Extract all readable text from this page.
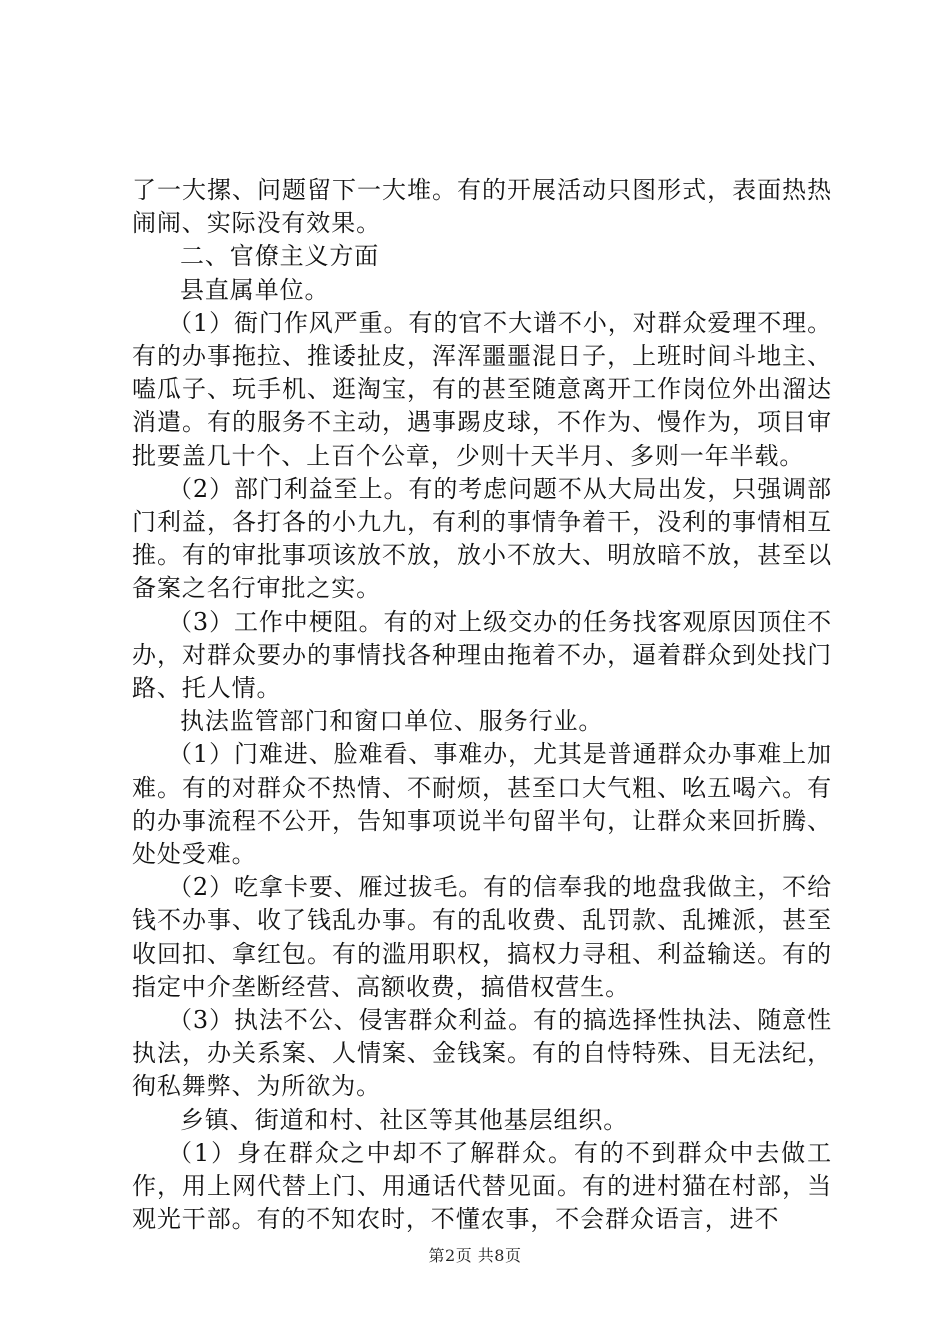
了一大摞、问题留下一大堆。有的开展活动只图形式，表面热热闹闹、实际没有效果。

二、官僚主义方面

县直属单位。

（1）衙门作风严重。有的官不大谱不小，对群众爱理不理。有的办事拖拉、推诿扯皮，浑浑噩噩混日子，上班时间斗地主、嗑瓜子、玩手机、逛淘宝，有的甚至随意离开工作岗位外出溜达消遣。有的服务不主动，遇事踢皮球，不作为、慢作为，项目审批要盖几十个、上百个公章，少则十天半月、多则一年半载。

（2）部门利益至上。有的考虑问题不从大局出发，只强调部门利益，各打各的小九九，有利的事情争着干，没利的事情相互推。有的审批事项该放不放，放小不放大、明放暗不放，甚至以备案之名行审批之实。

（3）工作中梗阻。有的对上级交办的任务找客观原因顶住不办，对群众要办的事情找各种理由拖着不办，逼着群众到处找门路、托人情。

执法监管部门和窗口单位、服务行业。

（1）门难进、脸难看、事难办，尤其是普通群众办事难上加难。有的对群众不热情、不耐烦，甚至口大气粗、吆五喝六。有的办事流程不公开，告知事项说半句留半句，让群众来回折腾、处处受难。

（2）吃拿卡要、雁过拔毛。有的信奉我的地盘我做主，不给钱不办事、收了钱乱办事。有的乱收费、乱罚款、乱摊派，甚至收回扣、拿红包。有的滥用职权，搞权力寻租、利益输送。有的指定中介垄断经营、高额收费，搞借权营生。

（3）执法不公、侵害群众利益。有的搞选择性执法、随意性执法，办关系案、人情案、金钱案。有的自恃特殊、目无法纪，徇私舞弊、为所欲为。

乡镇、街道和村、社区等其他基层组织。

（1）身在群众之中却不了解群众。有的不到群众中去做工作，用上网代替上门、用通话代替见面。有的进村猫在村部，当观光干部。有的不知农时，不懂农事，不会群众语言，进不

第2页 共8页
